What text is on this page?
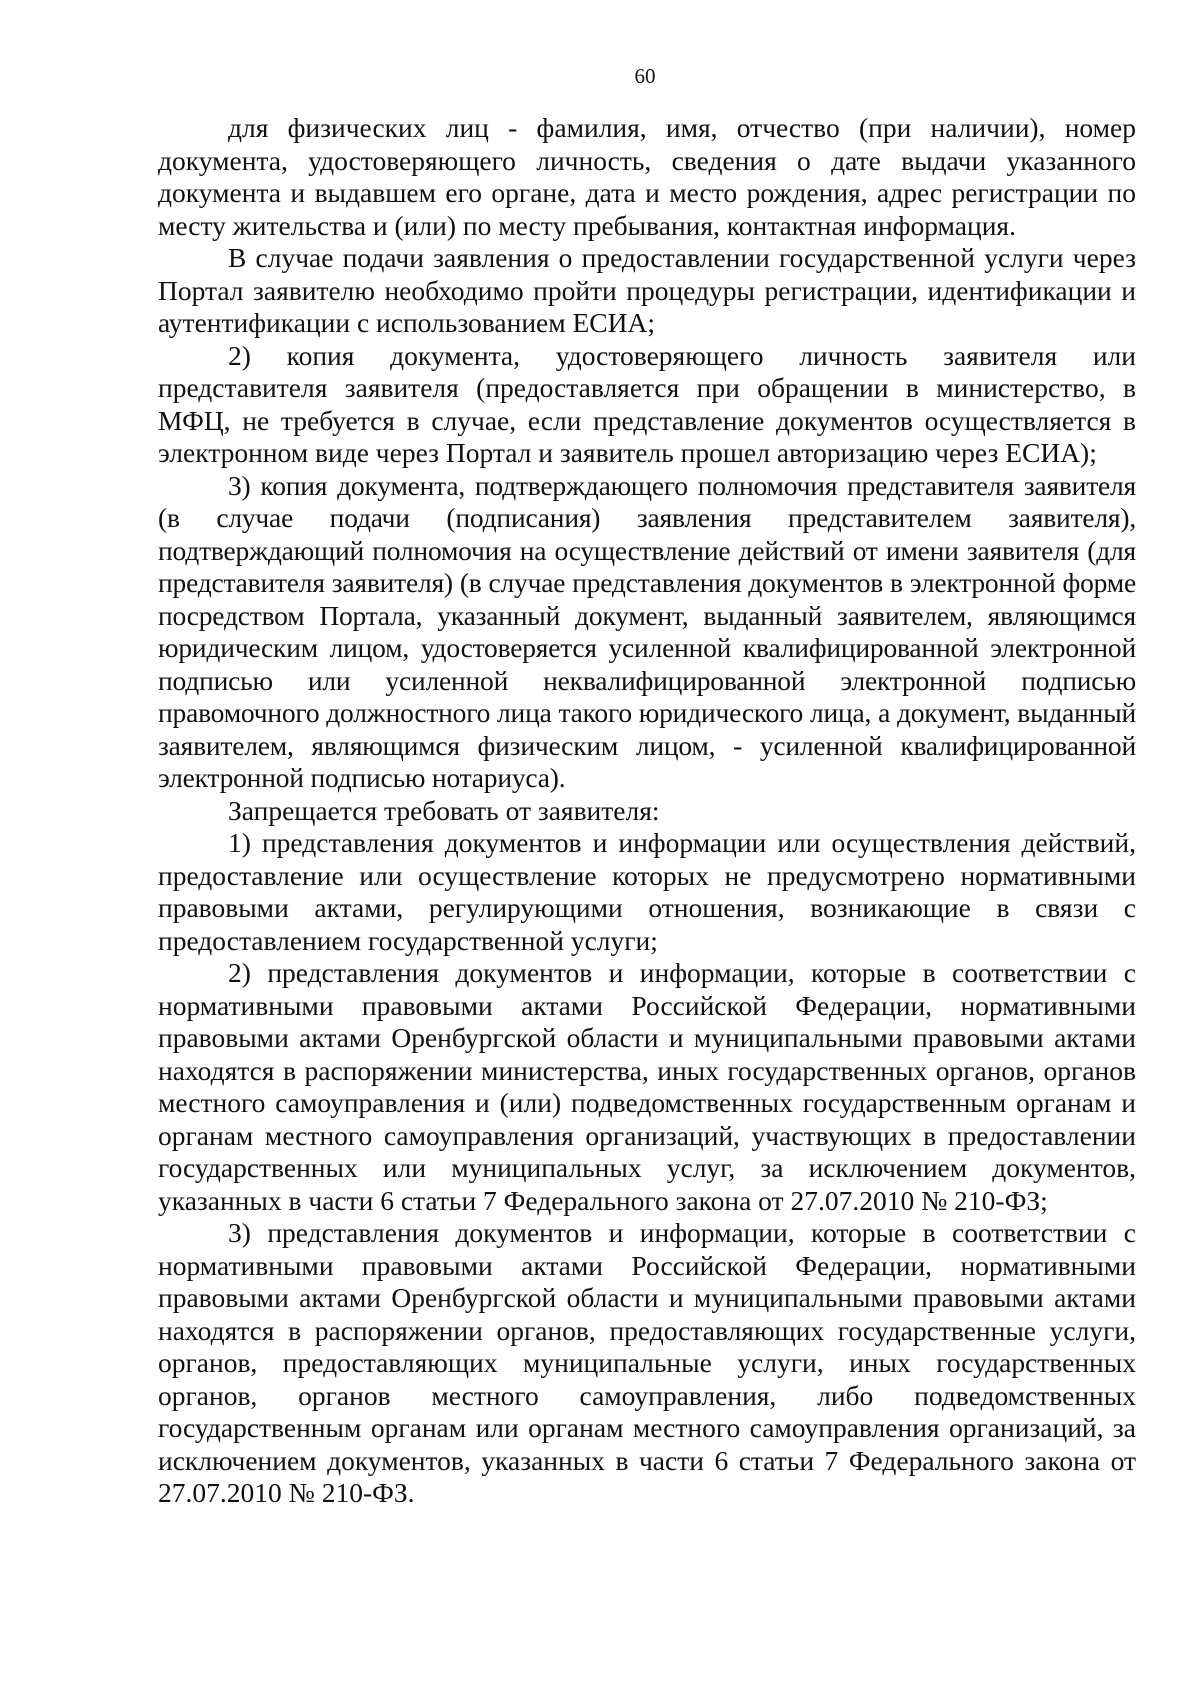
60

для физических лиц - фамилия, имя, отчество (при наличии), номер документа, удостоверяющего личность, сведения о дате выдачи указанного документа и выдавшем его органе, дата и место рождения, адрес регистрации по месту жительства и (или) по месту пребывания, контактная информация.

В случае подачи заявления о предоставлении государственной услуги через Портал заявителю необходимо пройти процедуры регистрации, идентификации и аутентификации с использованием ЕСИА;

2) копия документа, удостоверяющего личность заявителя или представителя заявителя (предоставляется при обращении в министерство, в МФЦ, не требуется в случае, если представление документов осуществляется в электронном виде через Портал и заявитель прошел авторизацию через ЕСИА);

3) копия документа, подтверждающего полномочия представителя заявителя (в случае подачи (подписания) заявления представителем заявителя), подтверждающий полномочия на осуществление действий от имени заявителя (для представителя заявителя) (в случае представления документов в электронной форме посредством Портала, указанный документ, выданный заявителем, являющимся юридическим лицом, удостоверяется усиленной квалифицированной электронной подписью или усиленной неквалифицированной электронной подписью правомочного должностного лица такого юридического лица, а документ, выданный заявителем, являющимся физическим лицом, - усиленной квалифицированной электронной подписью нотариуса).

Запрещается требовать от заявителя:

1) представления документов и информации или осуществления действий, предоставление или осуществление которых не предусмотрено нормативными правовыми актами, регулирующими отношения, возникающие в связи с предоставлением государственной услуги;

2) представления документов и информации, которые в соответствии с нормативными правовыми актами Российской Федерации, нормативными правовыми актами Оренбургской области и муниципальными правовыми актами находятся в распоряжении министерства, иных государственных органов, органов местного самоуправления и (или) подведомственных государственным органам и органам местного самоуправления организаций, участвующих в предоставлении государственных или муниципальных услуг, за исключением документов, указанных в части 6 статьи 7 Федерального закона от 27.07.2010 № 210-ФЗ;

3) представления документов и информации, которые в соответствии с нормативными правовыми актами Российской Федерации, нормативными правовыми актами Оренбургской области и муниципальными правовыми актами находятся в распоряжении органов, предоставляющих государственные услуги, органов, предоставляющих муниципальные услуги, иных государственных органов, органов местного самоуправления, либо подведомственных государственным органам или органам местного самоуправления организаций, за исключением документов, указанных в части 6 статьи 7 Федерального закона от 27.07.2010 № 210-ФЗ.
